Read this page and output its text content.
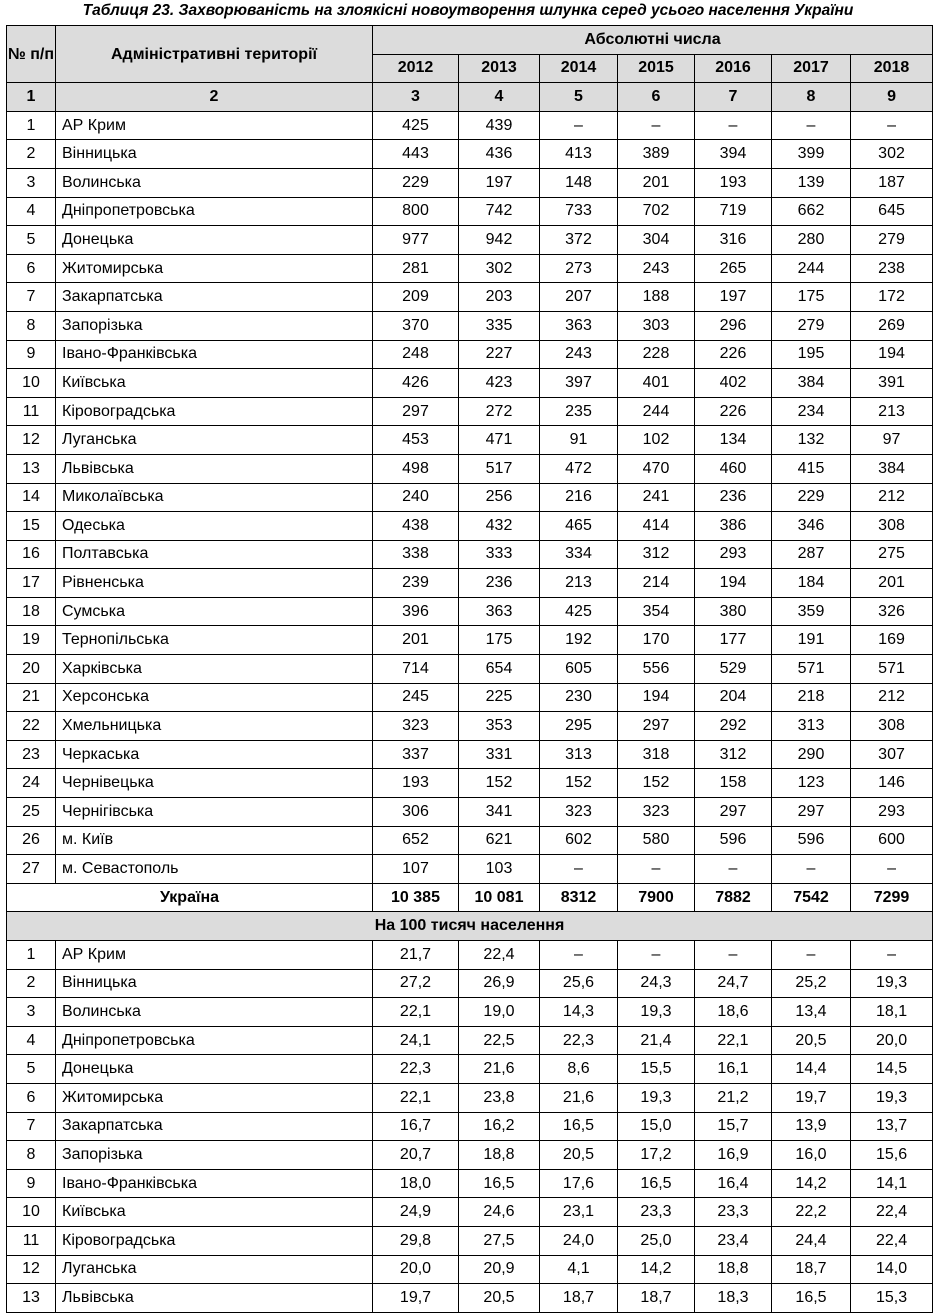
Таблиця 23. Захворюваність на злоякісні новоутворення шлунка серед усього населення України
№ п/п	Адміністративні території	Абсолютні числа						
		2012	2013	2014	2015	2016	2017	2018
1	2	3	4	5	6	7	8	9
1	АР Крим	425	439	–	–	–	–	–
2	Вінницька	443	436	413	389	394	399	302
3	Волинська	229	197	148	201	193	139	187
4	Дніпропетровська	800	742	733	702	719	662	645
5	Донецька	977	942	372	304	316	280	279
6	Житомирська	281	302	273	243	265	244	238
7	Закарпатська	209	203	207	188	197	175	172
8	Запорізька	370	335	363	303	296	279	269
9	Івано-Франківська	248	227	243	228	226	195	194
10	Київська	426	423	397	401	402	384	391
11	Кіровоградська	297	272	235	244	226	234	213
12	Луганська	453	471	91	102	134	132	97
13	Львівська	498	517	472	470	460	415	384
14	Миколаївська	240	256	216	241	236	229	212
15	Одеська	438	432	465	414	386	346	308
16	Полтавська	338	333	334	312	293	287	275
17	Рівненська	239	236	213	214	194	184	201
18	Сумська	396	363	425	354	380	359	326
19	Тернопільська	201	175	192	170	177	191	169
20	Харківська	714	654	605	556	529	571	571
21	Херсонська	245	225	230	194	204	218	212
22	Хмельницька	323	353	295	297	292	313	308
23	Черкаська	337	331	313	318	312	290	307
24	Чернівецька	193	152	152	152	158	123	146
25	Чернігівська	306	341	323	323	297	297	293
26	м. Київ	652	621	602	580	596	596	600
27	м. Севастополь	107	103	–	–	–	–	–
Україна		10 385	10 081	8312	7900	7882	7542	7299
На 100 тисяч населення								
1	АР Крим	21,7	22,4	–	–	–	–	–
2	Вінницька	27,2	26,9	25,6	24,3	24,7	25,2	19,3
3	Волинська	22,1	19,0	14,3	19,3	18,6	13,4	18,1
4	Дніпропетровська	24,1	22,5	22,3	21,4	22,1	20,5	20,0
5	Донецька	22,3	21,6	8,6	15,5	16,1	14,4	14,5
6	Житомирська	22,1	23,8	21,6	19,3	21,2	19,7	19,3
7	Закарпатська	16,7	16,2	16,5	15,0	15,7	13,9	13,7
8	Запорізька	20,7	18,8	20,5	17,2	16,9	16,0	15,6
9	Івано-Франківська	18,0	16,5	17,6	16,5	16,4	14,2	14,1
10	Київська	24,9	24,6	23,1	23,3	23,3	22,2	22,4
11	Кіровоградська	29,8	27,5	24,0	25,0	23,4	24,4	22,4
12	Луганська	20,0	20,9	4,1	14,2	18,8	18,7	14,0
13	Львівська	19,7	20,5	18,7	18,7	18,3	16,5	15,3
